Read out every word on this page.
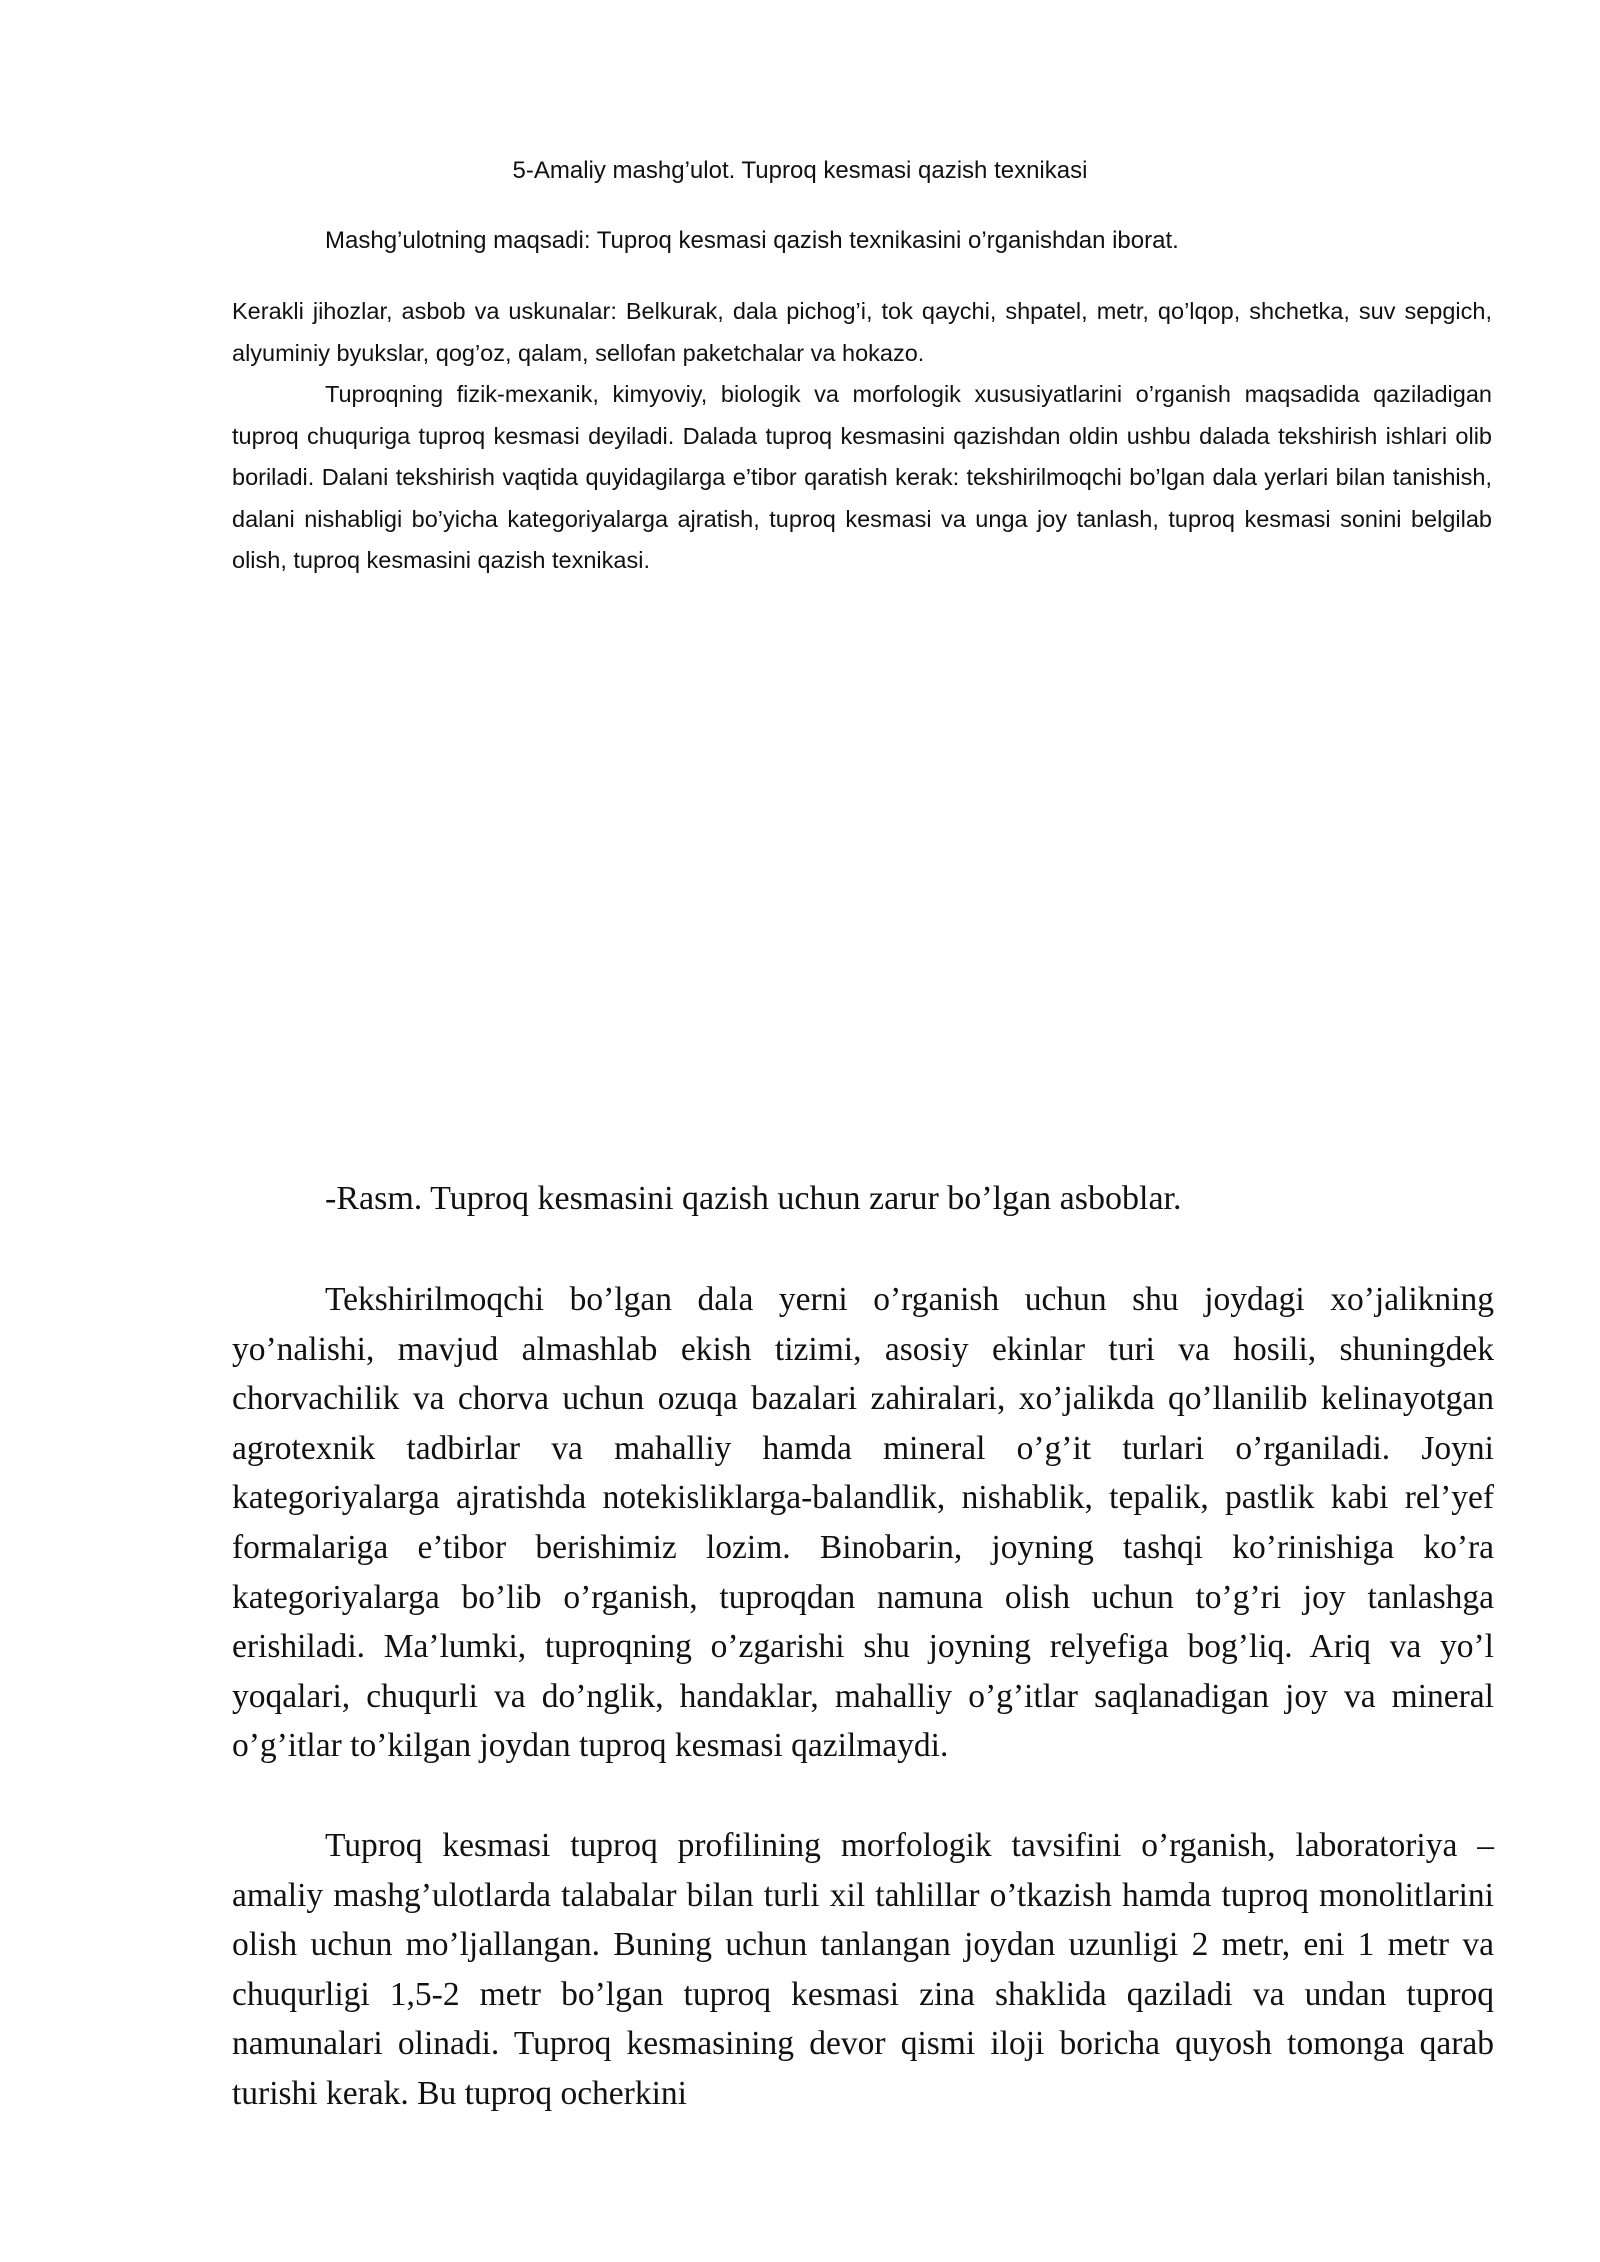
5-Amaliy mashg’ulot. Tuproq kesmasi qazish texnikasi
Mashg’ulotning maqsadi: Tuproq kesmasi qazish texnikasini o’rganishdan iborat.

Kerakli jihozlar, asbob va uskunalar: Belkurak, dala pichog’i, tok qaychi, shpatel, metr, qo’lqop, shchetka, suv sepgich, alyuminiy byukslar, qog’oz, qalam, sellofan paketchalar va hokazo.

Tuproqning fizik-mexanik, kimyoviy, biologik va morfologik xususiyatlarini o’rganish maqsadida qaziladigan tuproq chuquriga tuproq kesmasi deyiladi. Dalada tuproq kesmasini qazishdan oldin ushbu dalada tekshirish ishlari olib boriladi. Dalani tekshirish vaqtida quyidagilarga e’tibor qaratish kerak: tekshirilmoqchi bo’lgan dala yerlari bilan tanishish, dalani nishabligi bo’yicha kategoriyalarga ajratish, tuproq kesmasi va unga joy tanlash, tuproq kesmasi sonini belgilab olish, tuproq kesmasini qazish texnikasi.

-Rasm. Tuproq kesmasini qazish uchun zarur bo’lgan asboblar.

Tekshirilmoqchi bo’lgan dala yerni o’rganish uchun shu joydagi xo’jalikning yo’nalishi, mavjud almashlab ekish tizimi, asosiy ekinlar turi va hosili, shuningdek chorvachilik va chorva uchun ozuqa bazalari zahiralari, xo’jalikda qo’llanilib kelinayotgan agrotexnik tadbirlar va mahalliy hamda mineral o’g’it turlari o’rganiladi. Joyni kategoriyalarga ajratishda notekisliklarga-balandlik, nishablik, tepalik, pastlik kabi rel’yef formalariga e’tibor berishimiz lozim. Binobarin, joyning tashqi ko’rinishiga ko’ra kategoriyalarga bo’lib o’rganish, tuproqdan namuna olish uchun to’g’ri joy tanlashga erishiladi. Ma’lumki, tuproqning o’zgarishi shu joyning relyefiga bog’liq. Ariq va yo’l yoqalari, chuqurli va do’nglik, handaklar, mahalliy o’g’itlar saqlanadigan joy va mineral o’g’itlar to’kilgan joydan tuproq kesmasi qazilmaydi.

Tuproq kesmasi tuproq profilining morfologik tavsifini o’rganish, laboratoriya – amaliy mashg’ulotlarda talabalar bilan turli xil tahlillar o’tkazish hamda tuproq monolitlarini olish uchun mo’ljallangan. Buning uchun tanlangan joydan uzunligi 2 metr, eni 1 metr va chuqurligi 1,5-2 metr bo’lgan tuproq kesmasi zina shaklida qaziladi va undan tuproq namunalari olinadi. Tuproq kesmasining devor qismi iloji boricha quyosh tomonga qarab turishi kerak. Bu tuproq ocherkini
